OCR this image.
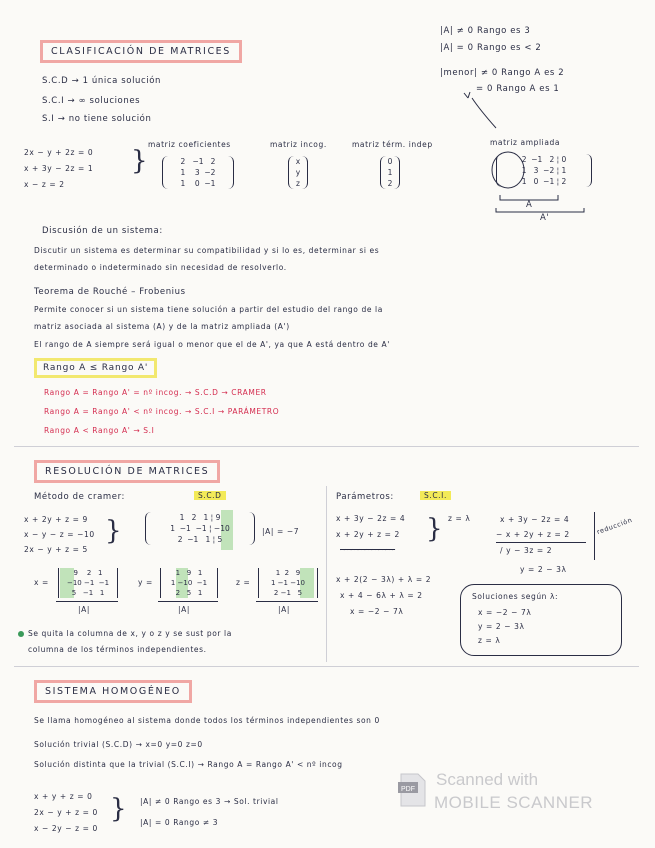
CLASIFICACIÓN DE MATRICES
S.C.D → 1 única solución
S.C.I → ∞ soluciones
S.I → no tiene solución
|A| ≠ 0 Rango es 3
|A| = 0 Rango es < 2
|menor| ≠ 0 Rango A es 2
= 0 Rango A es 1
2x − y + 2z = 0
x + 3y − 2z = 1
x − z = 2
}
matriz coeficientes	matriz incog.	matriz térm. indep	matriz ampliada
2   −1   2
1    3  −2
1    0  −1
x
y
z
0
1
2
2  −1   2 ¦ 0
1   3  −2 ¦ 1
1   0  −1 ¦ 2
A
A'
Discusión de un sistema:
Discutir un sistema es determinar su compatibilidad y si lo es, determinar si es
determinado o indeterminado sin necesidad de resolverlo.
Teorema de Rouché – Frobenius
Permite conocer si un sistema tiene solución a partir del estudio del rango de la
matriz asociada al sistema (A) y de la matriz ampliada (A')
El rango de A siempre será igual o menor que el de A', ya que A está dentro de A'
Rango A ≤ Rango A'
Rango A = Rango A' = nº incog. → S.C.D → CRAMER
Rango A = Rango A' < nº incog. → S.C.I → PARÁMETRO
Rango A < Rango A' → S.I
RESOLUCIÓN DE MATRICES
Método de cramer:	S.C.D
x + 2y + z = 9
x − y − z = −10
2x − y + z = 5
}	1   2   1 ¦ 9
1  −1  −1 ¦ −10
2  −1   1 ¦ 5
|A| = −7
x =
9    2   1
−10 −1  −1
5   −1   1
|A|
y =
1   9   1
1 −10  −1
2   5   1
|A|
z =
1  2   9
1 −1 −10
2 −1   5
|A|
Se quita la columna de x, y o z y se sust por la
columna de los términos independientes.
Parámetros:	S.C.I.
x + 3y − 2z = 4
x + 2y + z = 2
~~~~~~~~
} z = λ	x + 3y − 2z = 4
− x + 2y + z = 2
/ y − 3z = 2
y = 2 − 3λ
reducción
x + 2(2 − 3λ) + λ = 2
x + 4 − 6λ + λ = 2
x = −2 − 7λ
Soluciones según λ:
x = −2 − 7λ
y = 2 − 3λ
z = λ
SISTEMA HOMOGÉNEO
Se llama homogéneo al sistema donde todos los términos independientes son 0
Solución trivial (S.C.D) → x=0 y=0 z=0
Solución distinta que la trivial (S.C.I) → Rango A = Rango A' < nº incog
x + y + z = 0
2x − y + z = 0
x − 2y − z = 0
} |A| ≠ 0 Rango es 3 → Sol. trivial
|A| = 0 Rango ≠ 3
PDF
Scanned with
MOBILE SCANNER
